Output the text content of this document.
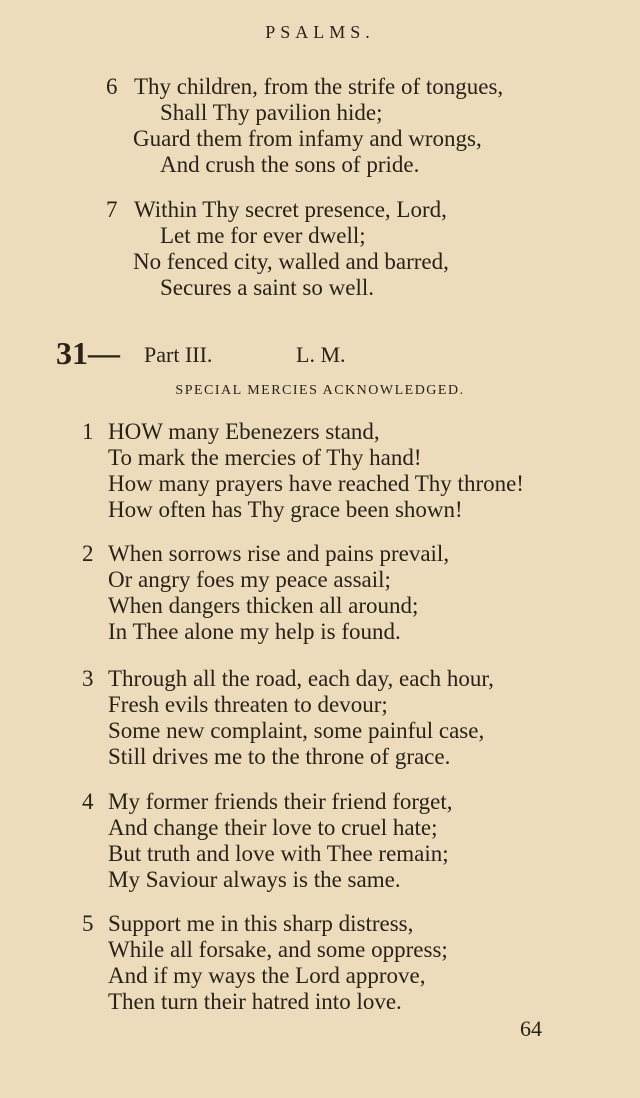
PSALMS.
6 Thy children, from the strife of tongues,
Shall Thy pavilion hide;
Guard them from infamy and wrongs,
And crush the sons of pride.
7 Within Thy secret presence, Lord,
Let me for ever dwell;
No fenced city, walled and barred,
Secures a saint so well.
31— Part III.	L. M.
SPECIAL MERCIES ACKNOWLEDGED.
1 HOW many Ebenezers stand,
To mark the mercies of Thy hand!
How many prayers have reached Thy throne!
How often has Thy grace been shown!
2 When sorrows rise and pains prevail,
Or angry foes my peace assail;
When dangers thicken all around;
In Thee alone my help is found.
3 Through all the road, each day, each hour,
Fresh evils threaten to devour;
Some new complaint, some painful case,
Still drives me to the throne of grace.
4 My former friends their friend forget,
And change their love to cruel hate;
But truth and love with Thee remain;
My Saviour always is the same.
5 Support me in this sharp distress,
While all forsake, and some oppress;
And if my ways the Lord approve,
Then turn their hatred into love.
64
